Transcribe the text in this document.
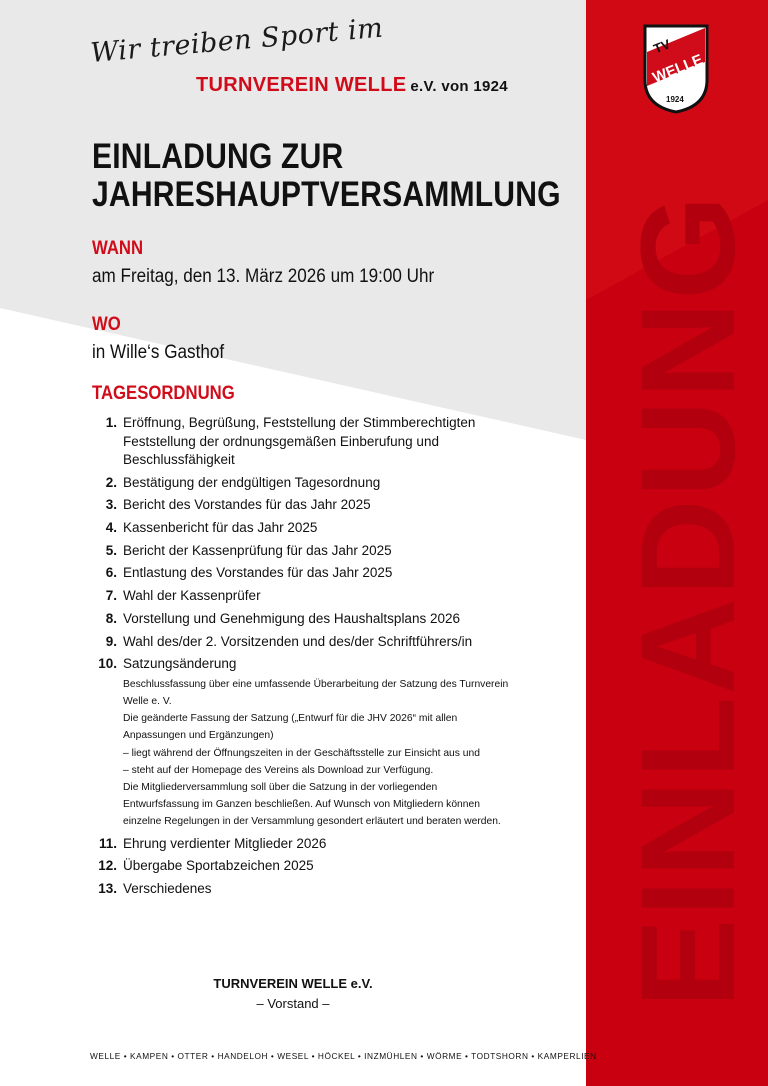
EINLADUNG
TV
WELLE
1924
Wir treiben Sport im
TURNVEREIN WELLE e.V. von 1924
EINLADUNG ZUR
JAHRESHAUPTVERSAMMLUNG
WANN
am Freitag, den 13. März 2026 um 19:00 Uhr
WO
in Wille‘s Gasthof
TAGESORDNUNG
1. Eröffnung, Begrüßung, Feststellung der Stimmberechtigten Feststellung der ordnungsgemäßen Einberufung und Beschlussfähigkeit
2. Bestätigung der endgültigen Tagesordnung
3. Bericht des Vorstandes für das Jahr 2025
4. Kassenbericht für das Jahr 2025
5. Bericht der Kassenprüfung für das Jahr 2025
6. Entlastung des Vorstandes für das Jahr 2025
7. Wahl der Kassenprüfer
8. Vorstellung und Genehmigung des Haushaltsplans 2026
9. Wahl des/der 2. Vorsitzenden und des/der Schriftführers/in
10. Satzungsänderung
Beschlussfassung über eine umfassende Überarbeitung der Satzung des Turnverein Welle e. V.
Die geänderte Fassung der Satzung („Entwurf für die JHV 2026“ mit allen Anpassungen und Ergänzungen)
– liegt während der Öffnungszeiten in der Geschäftsstelle zur Einsicht aus und
– steht auf der Homepage des Vereins als Download zur Verfügung.
Die Mitgliederversammlung soll über die Satzung in der vorliegenden Entwurfsfassung im Ganzen beschließen. Auf Wunsch von Mitgliedern können einzelne Regelungen in der Versammlung gesondert erläutert und beraten werden.
11. Ehrung verdienter Mitglieder 2026
12. Übergabe Sportabzeichen 2025
13. Verschiedenes
TURNVEREIN WELLE e.V.
– Vorstand –
WELLE • KAMPEN • OTTER • HANDELOH • WESEL • HÖCKEL • INZMÜHLEN • WÖRME • TODTSHORN • KAMPERLIEN
